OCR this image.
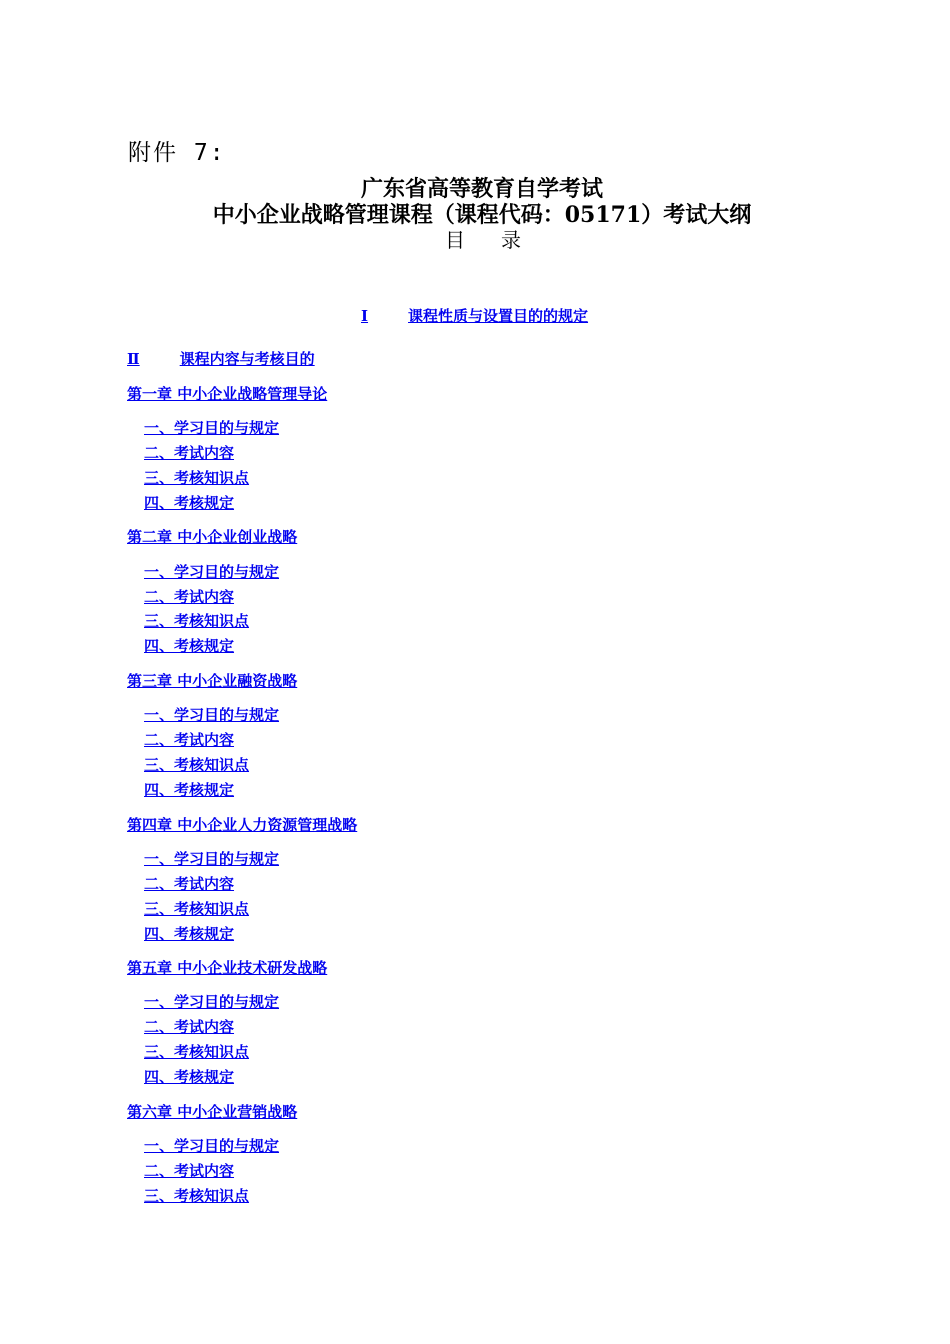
附件 7:
广东省高等教育自学考试
中小企业战略管理课程（课程代码：05171）考试大纲
目录
Ⅰ	课程性质与设置目的的规定
Ⅱ	课程内容与考核目的
第一章 中小企业战略管理导论
一、学习目的与规定
二、考试内容
三、考核知识点
四、考核规定
第二章 中小企业创业战略
一、学习目的与规定
二、考试内容
三、考核知识点
四、考核规定
第三章 中小企业融资战略
一、学习目的与规定
二、考试内容
三、考核知识点
四、考核规定
第四章 中小企业人力资源管理战略
一、学习目的与规定
二、考试内容
三、考核知识点
四、考核规定
第五章 中小企业技术研发战略
一、学习目的与规定
二、考试内容
三、考核知识点
四、考核规定
第六章 中小企业营销战略
一、学习目的与规定
二、考试内容
三、考核知识点
